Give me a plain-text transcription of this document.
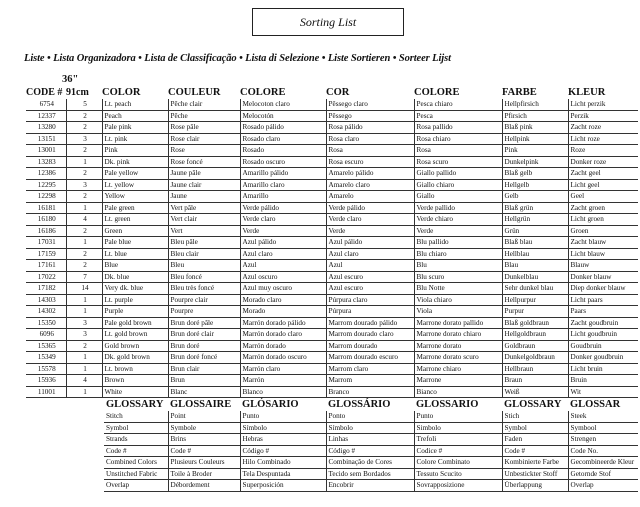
Sorting List
Liste • Lista Organizadora • Lista de Classificação • Lista di Selezione • Liste Sortieren • Sorteer Lijst
36"
CODE #	91cm	COLOR	COULEUR	COLORE	COR	COLORE	FARBE	KLEUR
6754	5	Lt. peach	Pêche clair	Melocoton claro	Pêssego claro	Pesca chiaro	Hellpfirsich	Licht perzik
12337	2	Peach	Pêche	Melocotón	Pêssego	Pesca	Pfirsich	Perzik
13280	2	Pale pink	Rose pâle	Rosado pálido	Rosa pálido	Rosa pallido	Blaß pink	Zacht roze
13151	3	Lt. pink	Rose clair	Rosado claro	Rosa claro	Rosa chiaro	Hellpink	Licht roze
13001	2	Pink	Rose	Rosado	Rosa	Rosa	Pink	Roze
13283	1	Dk. pink	Rose foncé	Rosado oscuro	Rosa escuro	Rosa scuro	Dunkelpink	Donker roze
12386	2	Pale yellow	Jaune pâle	Amarillo pálido	Amarelo pálido	Giallo pallido	Blaß gelb	Zacht geel
12295	3	Lt. yellow	Jaune clair	Amarillo claro	Amarelo claro	Giallo chiaro	Hellgelb	Licht geel
12298	2	Yellow	Jaune	Amarillo	Amarelo	Giallo	Gelb	Geel
16181	1	Pale green	Vert pâle	Verde pálido	Verde pálido	Verde pallido	Blaß grün	Zacht groen
16180	4	Lt. green	Vert clair	Verde claro	Verde claro	Verde chiaro	Hellgrün	Licht groen
16186	2	Green	Vert	Verde	Verde	Verde	Grün	Groen
17031	1	Pale blue	Bleu pâle	Azul pálido	Azul pálido	Blu pallido	Blaß blau	Zacht blauw
17159	2	Lt. blue	Bleu clair	Azul claro	Azul claro	Blu chiaro	Hellblau	Licht blauw
17161	2	Blue	Bleu	Azul	Azul	Blu	Blau	Blauw
17022	7	Dk. blue	Bleu foncé	Azul oscuro	Azul escuro	Blu scuro	Dunkelblau	Donker blauw
17182	14	Very dk. blue	Bleu très foncé	Azul muy oscuro	Azul escuro	Blu Notte	Sehr dunkel blau	Diep donker blauw
14303	1	Lt. purple	Pourpre clair	Morado claro	Púrpura claro	Viola chiaro	Hellpurpur	Licht paars
14302	1	Purple	Pourpre	Morado	Púrpura	Viola	Purpur	Paars
15350	3	Pale gold brown	Brun doré pâle	Marrón dorado pálido	Marrom dourado pálido	Marrone dorato pallido	Blaß goldbraun	Zacht goudbruin
6096	3	Lt. gold brown	Brun doré clair	Marrón dorado claro	Marrom dourado claro	Marrone dorato chiaro	Hellgoldbraun	Licht goudbruin
15365	2	Gold brown	Brun doré	Marrón dorado	Marrom dourado	Marrone dorato	Goldbraun	Goudbruin
15349	1	Dk. gold brown	Brun doré foncé	Marrón dorado oscuro	Marrom dourado escuro	Marrone dorato scuro	Dunkelgoldbraun	Donker goudbruin
15578	1	Lt. brown	Brun clair	Marrón claro	Marrom claro	Marrone chiaro	Hellbraun	Licht bruin
15936	4	Brown	Brun	Marrón	Marrom	Marrone	Braun	Bruin
11001	1	White	Blanc	Blanco	Branco	Bianco	Weiß	Wit
GLOSSARY	GLOSSAIRE	GLÓSARIO	GLOSSÁRIO	GLOSSARIO	GLOSSARY	GLOSSAR
Stitch	Point	Punto	Ponto	Punto	Stich	Steek
Symbol	Symbole	Símbolo	Símbolo	Simbolo	Symbol	Symbool
Strands	Brins	Hebras	Linhas	Trefoli	Faden	Strengen
Code #	Code #	Código #	Código #	Codice #	Code #	Code No.
Combined Colors	Plusieurs Couleurs	Hilo Combinado	Combinação de Cores	Colore Combinato	Kombinierte Farbe	Gecombineerde Kleur
Unstitched Fabric	Toile à Broder	Tela Despuntada	Tecido sem Bordados	Tessuto Scucito	Unbestickter Stoff	Getornde Stof
Overlap	Débordement	Superposición	Encobrir	Sovrapposizione	Überlappung	Overlap
